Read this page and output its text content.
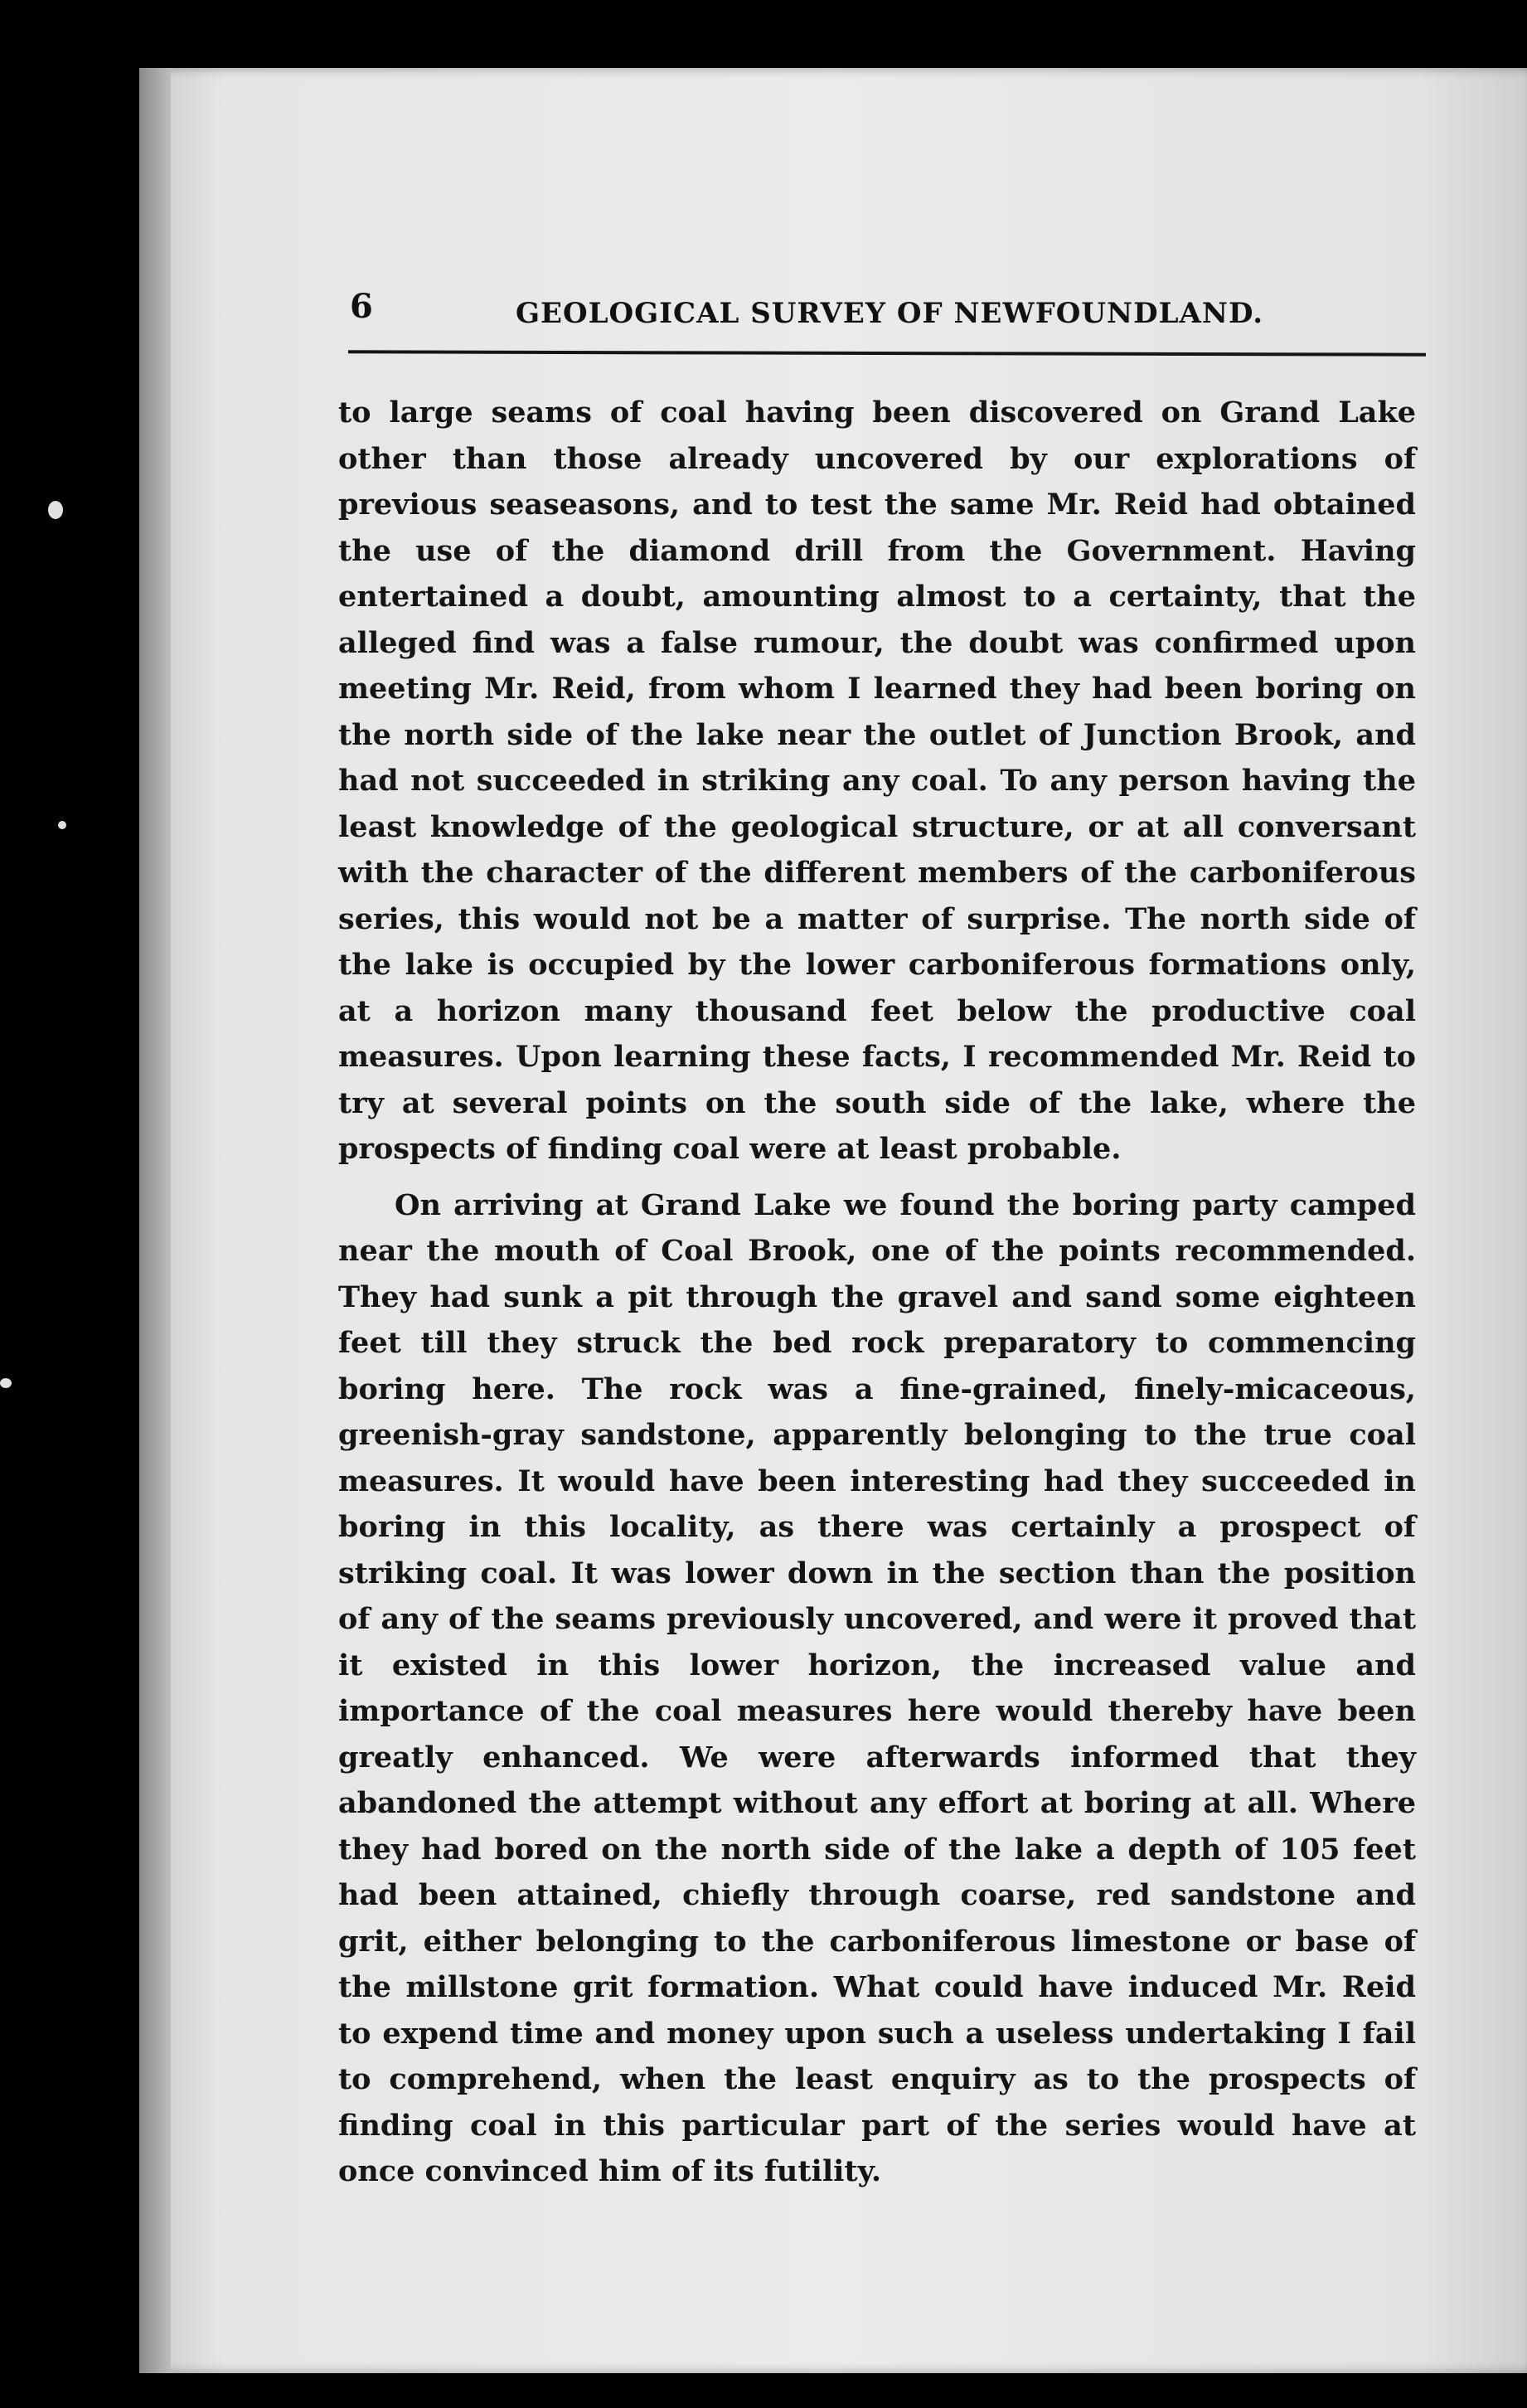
6	GEOLOGICAL SURVEY OF NEWFOUNDLAND.

to large seams of coal having been discovered on Grand Lake other than those already uncovered by our explorations of previous seaseasons, and to test the same Mr. Reid had obtained the use of the diamond drill from the Government. Having entertained a doubt, amounting almost to a certainty, that the alleged find was a false rumour, the doubt was confirmed upon meeting Mr. Reid, from whom I learned they had been boring on the north side of the lake near the outlet of Junction Brook, and had not succeeded in striking any coal. To any person having the least knowledge of the geological structure, or at all conversant with the character of the different members of the carboniferous series, this would not be a matter of surprise. The north side of the lake is occupied by the lower carboniferous formations only, at a horizon many thousand feet below the productive coal measures. Upon learning these facts, I recommended Mr. Reid to try at several points on the south side of the lake, where the prospects of finding coal were at least probable.

On arriving at Grand Lake we found the boring party camped near the mouth of Coal Brook, one of the points recommended. They had sunk a pit through the gravel and sand some eighteen feet till they struck the bed rock preparatory to commencing boring here. The rock was a fine-grained, finely-micaceous, greenish-gray sandstone, apparently belonging to the true coal measures. It would have been interesting had they succeeded in boring in this locality, as there was certainly a prospect of striking coal. It was lower down in the section than the position of any of the seams previously uncovered, and were it proved that it existed in this lower horizon, the increased value and importance of the coal measures here would thereby have been greatly enhanced. We were afterwards informed that they abandoned the attempt without any effort at boring at all. Where they had bored on the north side of the lake a depth of 105 feet had been attained, chiefly through coarse, red sandstone and grit, either belonging to the carboniferous limestone or base of the millstone grit formation. What could have induced Mr. Reid to expend time and money upon such a useless undertaking I fail to comprehend, when the least enquiry as to the prospects of finding coal in this particular part of the series would have at once convinced him of its futility.
